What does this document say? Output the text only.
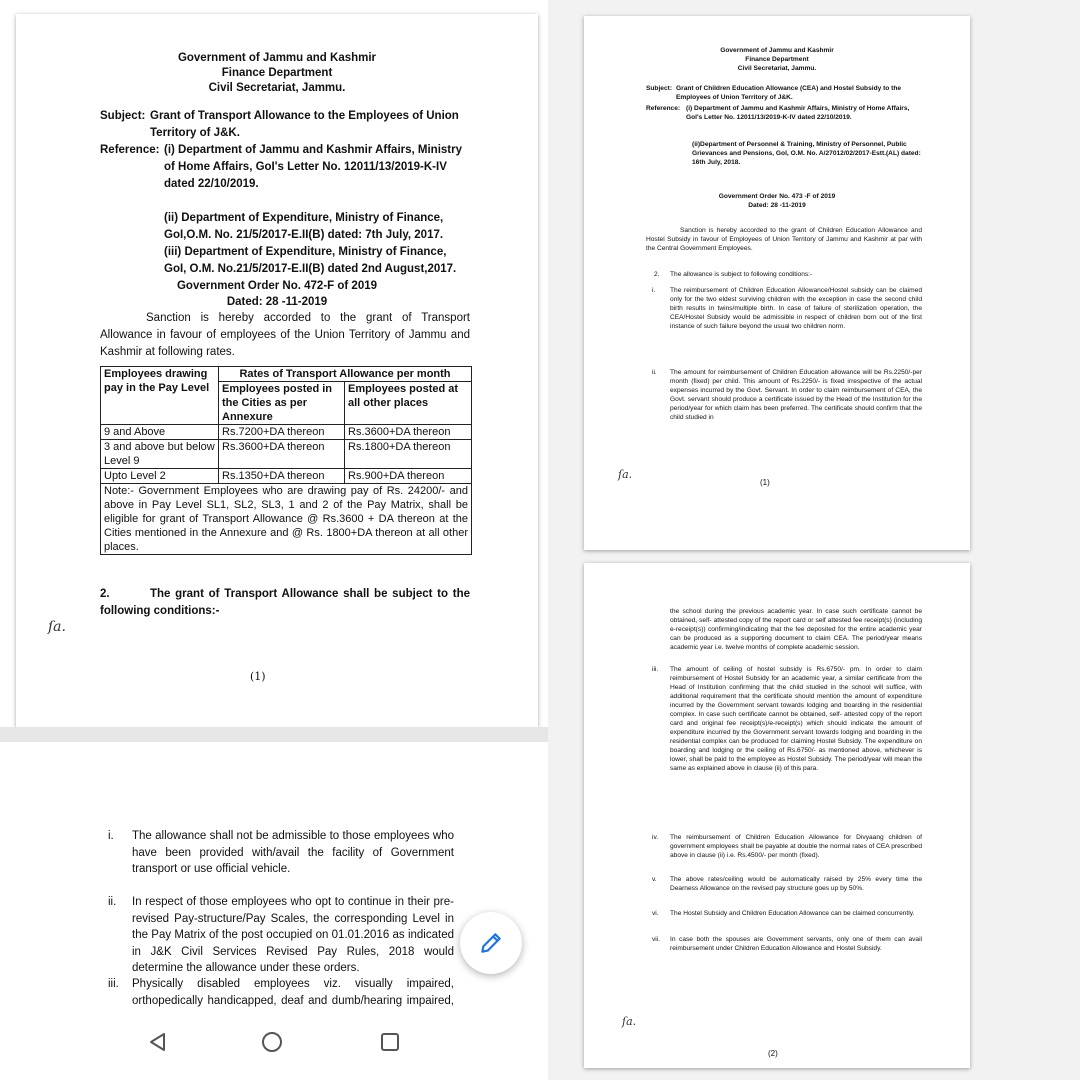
Government of Jammu and Kashmir
Finance Department
Civil Secretariat, Jammu.
Subject: Grant of Transport Allowance to the Employees of Union Territory of J&K.
Reference: (i) Department of Jammu and Kashmir Affairs, Ministry of Home Affairs, GoI's Letter No. 12011/13/2019-K-IV dated 22/10/2019.
(ii) Department of Expenditure, Ministry of Finance, GoI,O.M. No. 21/5/2017-E.II(B) dated: 7th July, 2017.
(iii) Department of Expenditure, Ministry of Finance, GoI, O.M. No.21/5/2017-E.II(B) dated 2nd August,2017.
Government Order No. 472-F of 2019
Dated: 28 -11-2019
Sanction is hereby accorded to the grant of Transport Allowance in favour of employees of the Union Territory of Jammu and Kashmir at following rates.
Employees drawing pay in the Pay Level	Rates of Transport Allowance per month	
	Employees posted in the Cities as per Annexure	Employees posted at all other places
9 and Above	Rs.7200+DA thereon	Rs.3600+DA thereon
3 and above but below Level 9	Rs.3600+DA thereon	Rs.1800+DA thereon
Upto Level 2	Rs.1350+DA thereon	Rs.900+DA thereon
Note:- Government Employees who are drawing pay of Rs. 24200/- and above in Pay Level SL1, SL2, SL3, 1 and 2 of the Pay Matrix, shall be eligible for grant of Transport Allowance @ Rs.3600 + DA thereon at the Cities mentioned in the Annexure and @ Rs. 1800+DA thereon at all other places.		
2.	The grant of Transport Allowance shall be subject to the following conditions:-
ſa.
(1)
i. The allowance shall not be admissible to those employees who have been provided with/avail the facility of Government transport or use official vehicle.
ii. In respect of those employees who opt to continue in their pre-revised Pay-structure/Pay Scales, the corresponding Level in the Pay Matrix of the post occupied on 01.01.2016 as indicated in J&K Civil Services Revised Pay Rules, 2018 would determine the allowance under these orders.
iii. Physically disabled employees viz. visually impaired, orthopedically handicapped, deaf and dumb/hearing impaired,
Government of Jammu and Kashmir
Finance Department
Civil Secretariat, Jammu.
Subject: Grant of Children Education Allowance (CEA) and Hostel Subsidy to the Employees of Union Territory of J&K.
Reference: (i) Department of Jammu and Kashmir Affairs, Ministry of Home Affairs, GoI's Letter No. 12011/13/2019-K-IV dated 22/10/2019.
(ii)Department of Personnel & Training, Ministry of Personnel, Public Grievances and Pensions, GoI, O.M. No. A/27012/02/2017-Estt.(AL) dated: 16th July, 2018.
Government Order No. 473 -F of 2019
Dated: 28 -11-2019
Sanction is hereby accorded to the grant of Children Education Allowance and Hostel Subsidy in favour of Employees of Union Territory of Jammu and Kashmir at par with the Central Government Employees.
2. The allowance is subject to following conditions:-
i. The reimbursement of Children Education Allowance/Hostel subsidy can be claimed only for the two eldest surviving children with the exception in case the second child birth results in twins/multiple birth. In case of failure of sterilization operation, the CEA/Hostel Subsidy would be admissible in respect of children born out of the first instance of such failure beyond the usual two children norm.
ii. The amount for reimbursement of Children Education allowance will be Rs.2250/-per month (fixed) per child. This amount of Rs.2250/- is fixed irrespective of the actual expenses incurred by the Govt. Servant. In order to claim reimbursement of CEA, the Govt. servant should produce a certificate issued by the Head of the Institution for the period/year for which claim has been preferred. The certificate should confirm that the child studied in
ſa.
(1)
the school during the previous academic year. In case such certificate cannot be obtained, self- attested copy of the report card or self attested fee receipt(s) (including e-receipt(s)) confirming/indicating that the fee deposited for the entire academic year can be produced as a supporting document to claim CEA. The period/year means academic year i.e. twelve months of complete academic session.
iii. The amount of ceiling of hostel subsidy is Rs.6750/- pm. In order to claim reimbursement of Hostel Subsidy for an academic year, a similar certificate from the Head of Institution confirming that the child studied in the school will suffice, with additional requirement that the certificate should mention the amount of expenditure incurred by the Government servant towards lodging and boarding in the residential complex. In case such certificate cannot be obtained, self- attested copy of the report card and original fee receipt(s)/e-receipt(s) which should indicate the amount of expenditure incurred by the Government servant towards lodging and boarding in the residential complex can be produced for claiming Hostel Subsidy. The expenditure on boarding and lodging or the ceiling of Rs.6750/- as mentioned above, whichever is lower, shall be paid to the employee as Hostel Subsidy. The period/year will mean the same as explained above in clause (ii) of this para.
iv. The reimbursement of Children Education Allowance for Divyaang children of government employees shall be payable at double the normal rates of CEA prescribed above in clause (ii) i.e. Rs.4500/- per month (fixed).
v. The above rates/ceiling would be automatically raised by 25% every time the Dearness Allowance on the revised pay structure goes up by 50%.
vi. The Hostel Subsidy and Children Education Allowance can be claimed concurrently.
vii. In case both the spouses are Government servants, only one of them can avail reimbursement under Children Education Allowance and Hostel Subsidy.
ſa.
(2)
